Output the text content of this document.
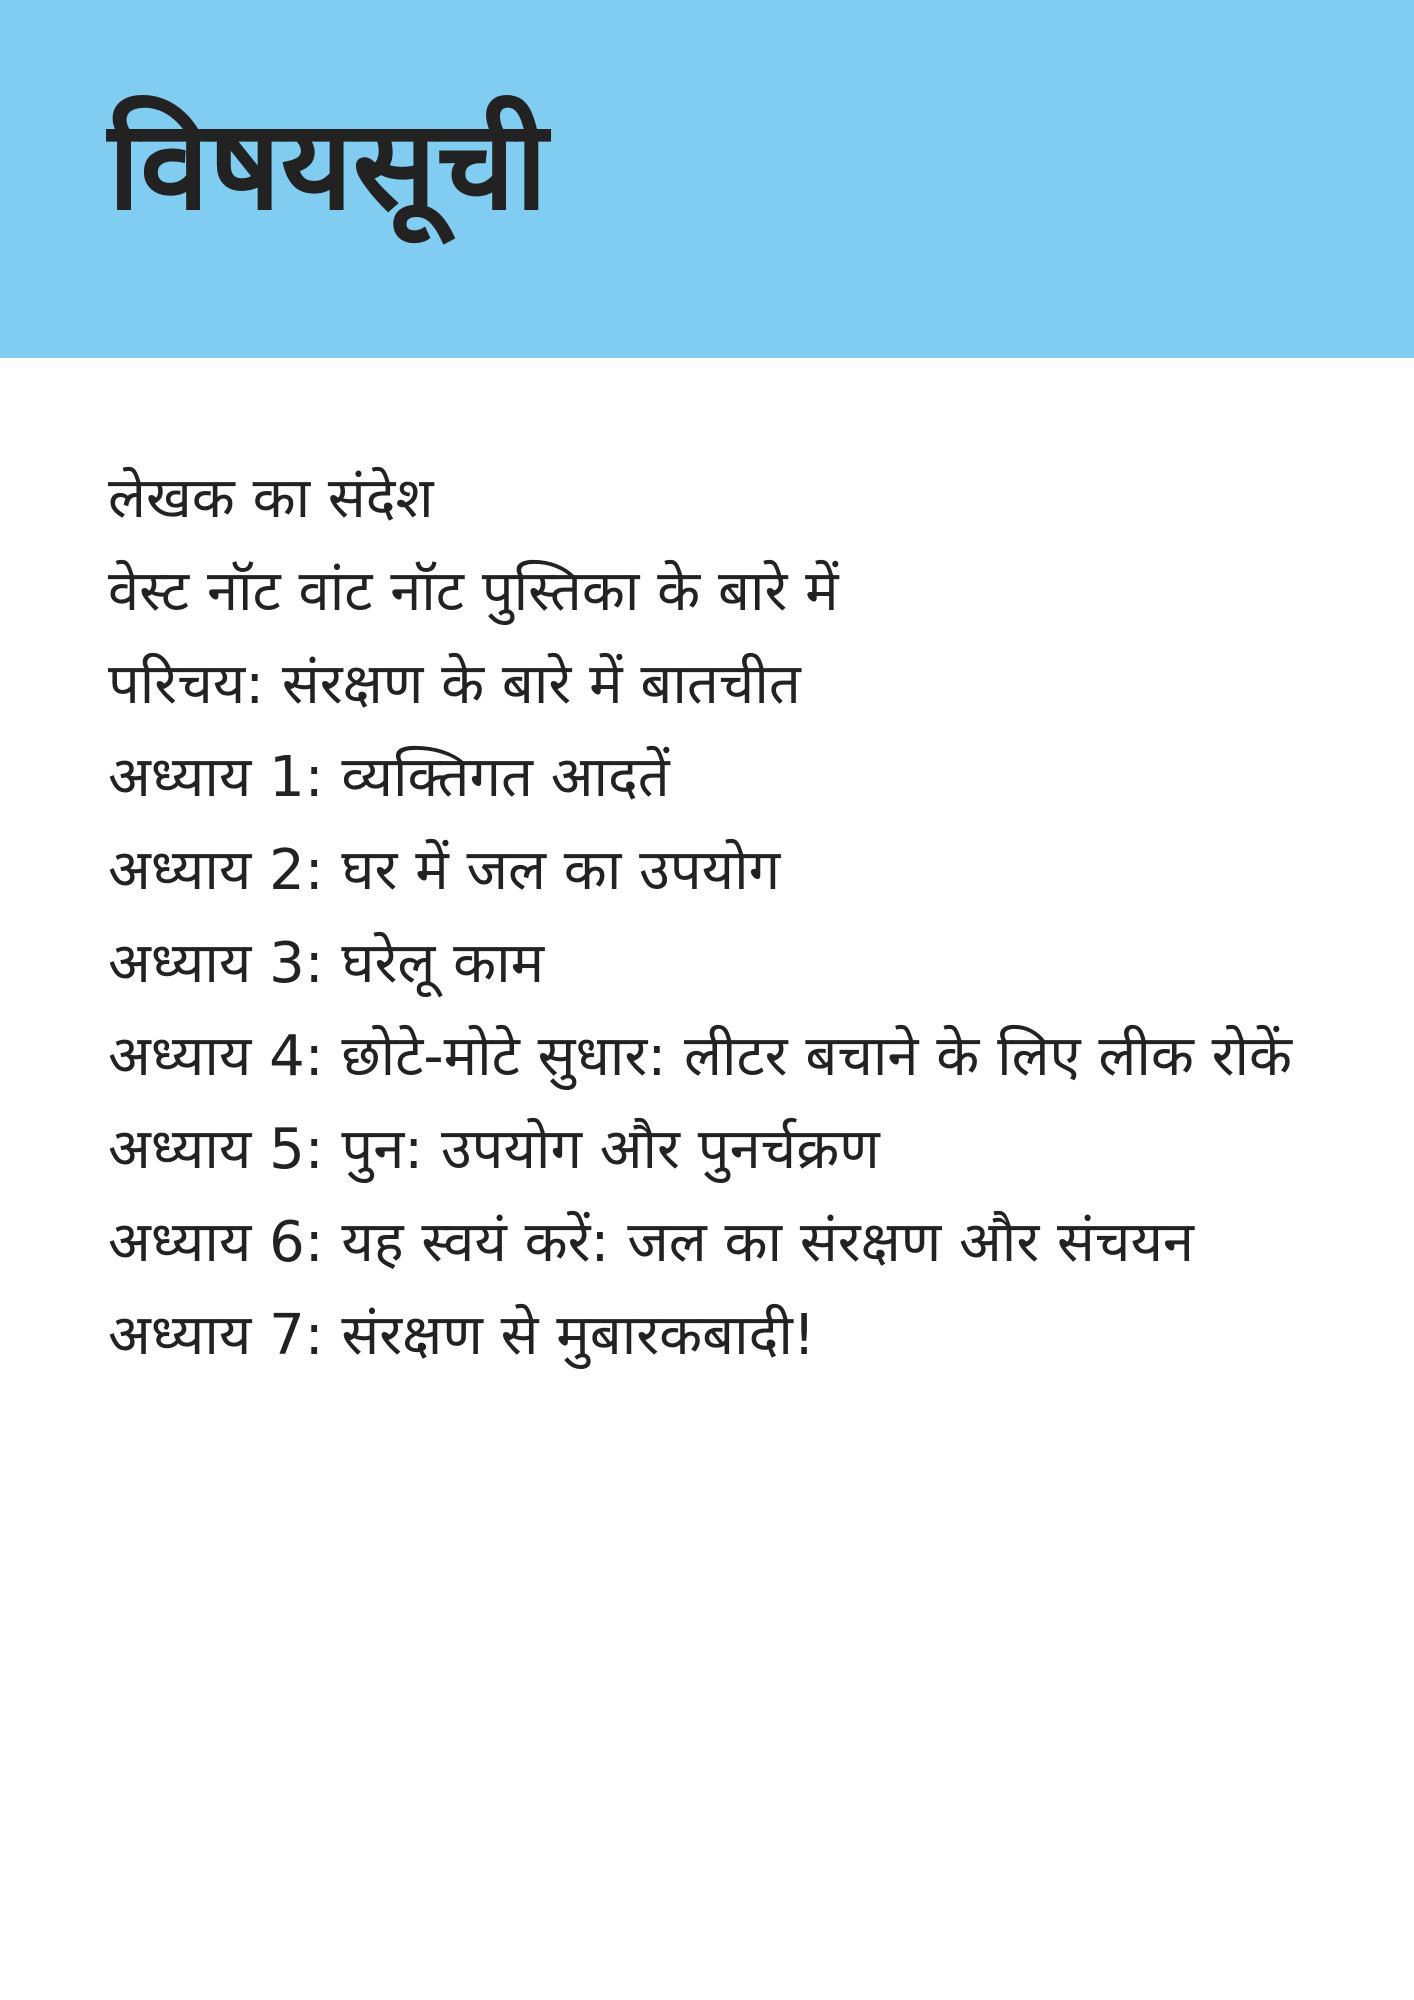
विषयसूची
लेखक का संदेश
वेस्ट नॉट वांट नॉट पुस्तिका के बारे में
परिचय: संरक्षण के बारे में बातचीत
अध्याय 1: व्यक्तिगत आदतें
अध्याय 2: घर में जल का उपयोग
अध्याय 3: घरेलू काम
अध्याय 4: छोटे-मोटे सुधार: लीटर बचाने के लिए लीक रोकें
अध्याय 5: पुन: उपयोग और पुनर्चक्रण
अध्याय 6: यह स्वयं करें: जल का संरक्षण और संचयन
अध्याय 7: संरक्षण से मुबारकबादी!
